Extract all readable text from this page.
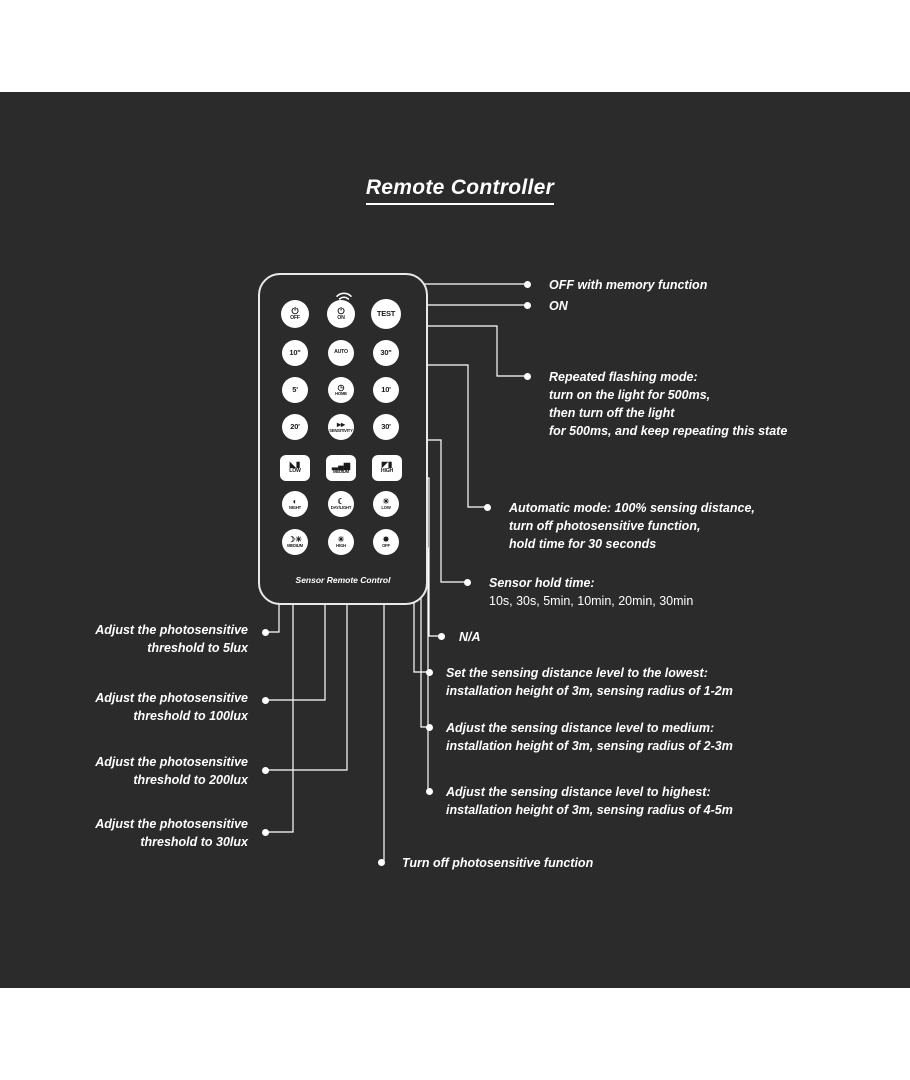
Remote Controller
⏻
OFF
⏻
ON	TEST
10"	AUTO	30"
5'	◷
HOME	10'
20'	▸▸
SENSITIVITY	30'
◣▮
LOW
▂▄▆
MEDIUM
◤▮
HIGH
◐
NIGHT
☾
DAY/LIGHT
☀
LOW
☽☀
MEDIUM
☀
HIGH
✸
OFF
Sensor Remote Control
OFF with memory function
ON
Repeated flashing mode:
turn on the light for 500ms,
then turn off the light
for 500ms, and keep repeating this state
Automatic mode: 100% sensing distance,
turn off photosensitive function,
hold time for 30 seconds
Sensor hold time:
10s, 30s, 5min, 10min, 20min, 30min
N/A
Set the sensing distance level to the lowest:
installation height of 3m, sensing radius of 1-2m
Adjust the sensing distance level to medium:
installation height of 3m, sensing radius of 2-3m
Adjust the sensing distance level to highest:
installation height of 3m, sensing radius of 4-5m
Turn off photosensitive function
Adjust the photosensitive
threshold to 5lux
Adjust the photosensitive
threshold to 100lux
Adjust the photosensitive
threshold to 200lux
Adjust the photosensitive
threshold to 30lux
